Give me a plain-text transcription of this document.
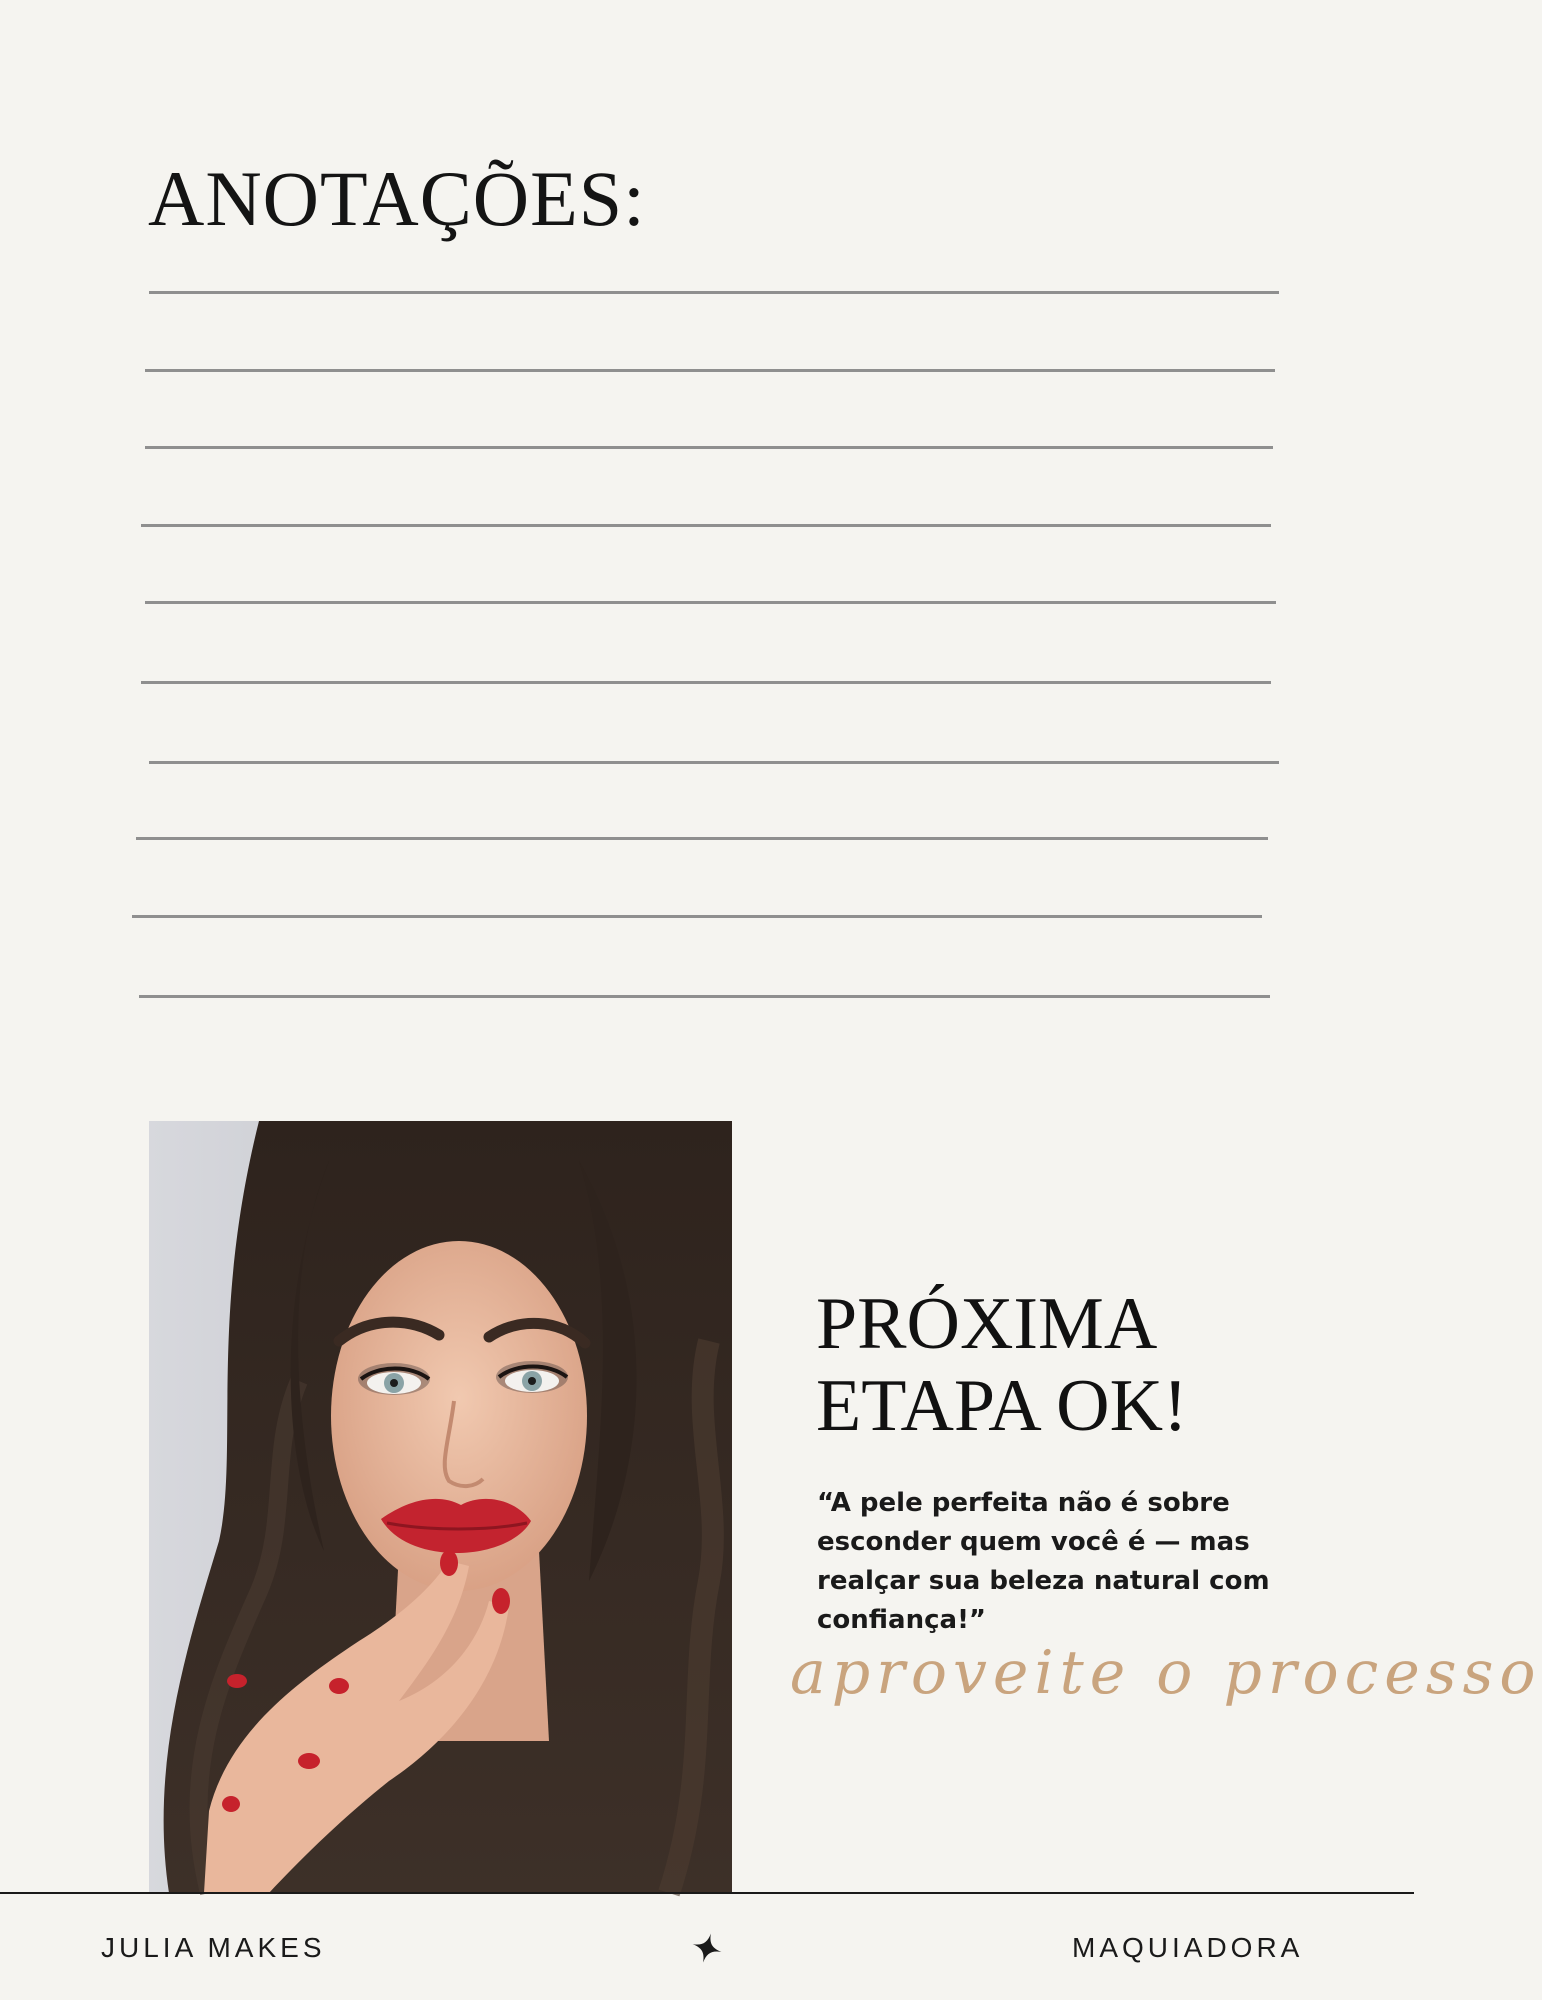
ANOTAÇÕES:
PRÓXIMA
ETAPA OK!

“A pele perfeita não é sobre esconder quem você é — mas realçar sua beleza natural com confiança!”

aproveite o processo
JULIA MAKES	MAQUIADORA
